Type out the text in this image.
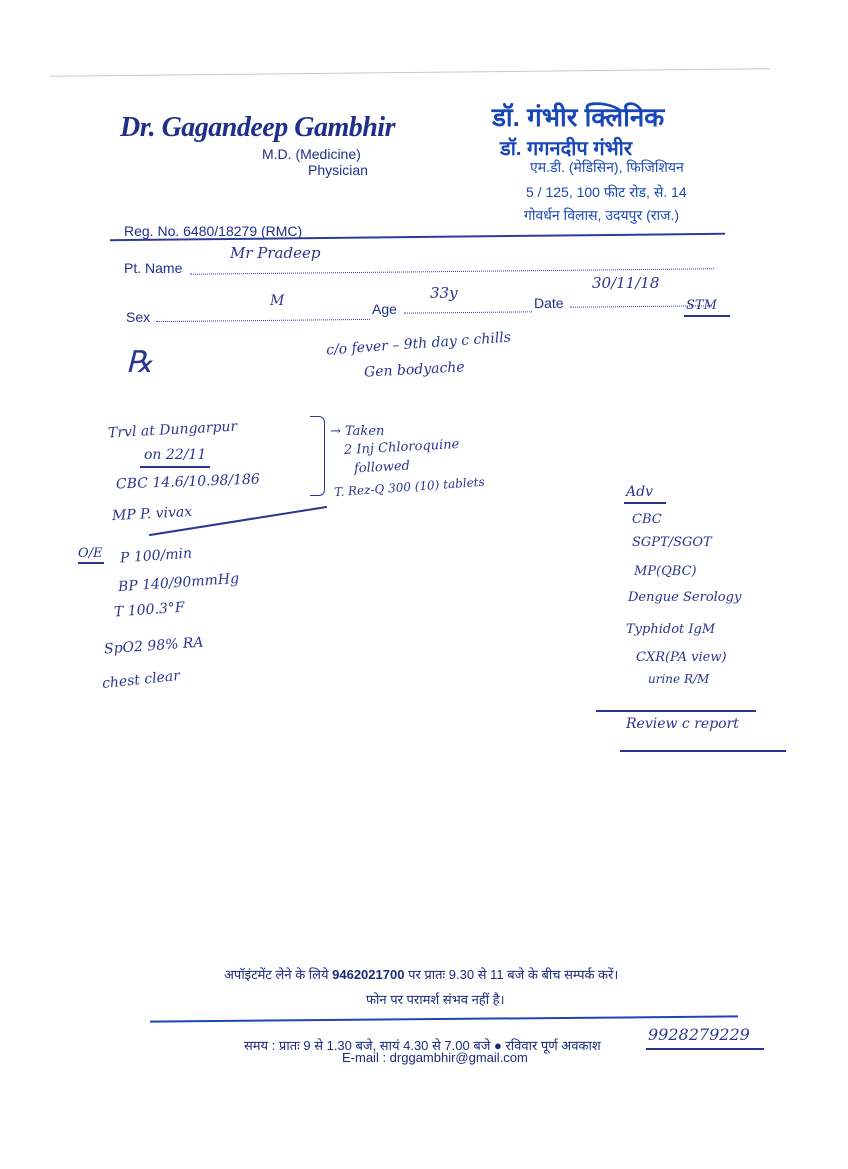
Dr. Gagandeep Gambhir
M.D. (Medicine)
Physician
डॉ. गंभीर क्लिनिक
डॉ. गगनदीप गंभीर
एम.डी. (मेडिसिन), फिजिशियन
5 / 125, 100 फीट रोड, से. 14
गोवर्धन विलास, उदयपुर (राज.)
Reg. No. 6480/18279 (RMC)
Pt. Name
Mr Pradeep
Sex
M	Age
33y
Date
30/11/18
STM
℞
c/o fever – 9th day c chills
Gen bodyache
Trvl at Dungarpur
on 22/11
CBC 14.6/10.98/186
MP P. vivax
→ Taken
2 Inj Chloroquine
followed
T. Rez-Q 300 (10) tablets
O/E P 100/min
BP 140/90mmHg
T 100.3°F
SpO2 98% RA
chest clear
Adv
CBC
SGPT/SGOT
MP(QBC)
Dengue Serology
Typhidot IgM
CXR(PA view)
urine R/M
Review c report
अपॉइंटमेंट लेने के लिये 9462021700 पर प्रातः 9.30 से 11 बजे के बीच सम्पर्क करें।
फोन पर परामर्श संभव नहीं है।
समय : प्रातः 9 से 1.30 बजे, सायं 4.30 से 7.00 बजे ● रविवार पूर्ण अवकाश
E-mail : drggambhir@gmail.com
9928279229
